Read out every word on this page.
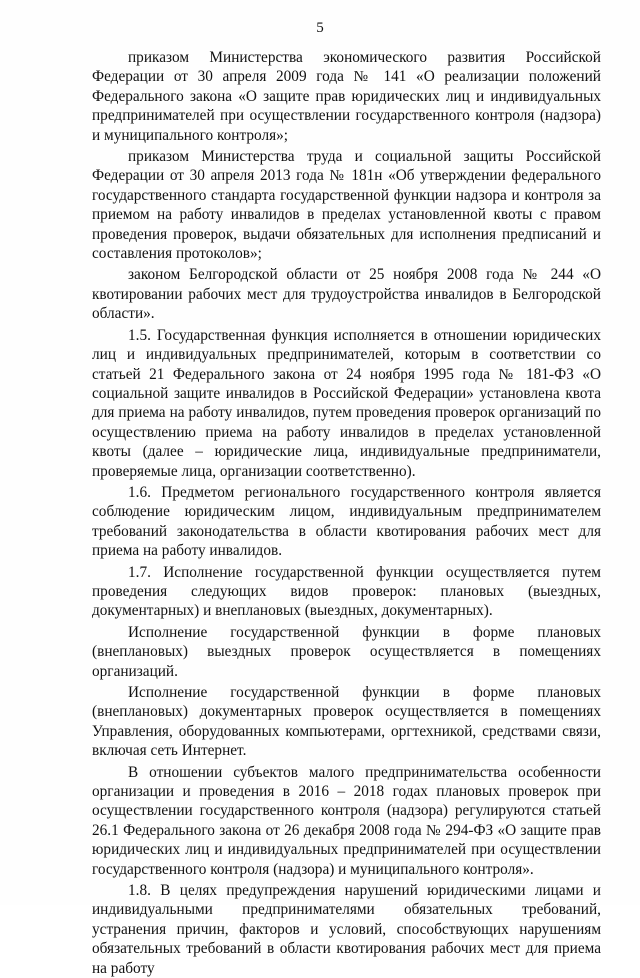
5

приказом Министерства экономического развития Российской Федерации от 30 апреля 2009 года № 141 «О реализации положений Федерального закона «О защите прав юридических лиц и индивидуальных предпринимателей при осуществлении государственного контроля (надзора) и муниципального контроля»;

приказом Министерства труда и социальной защиты Российской Федерации от 30 апреля 2013 года № 181н «Об утверждении федерального государственного стандарта государственной функции надзора и контроля за приемом на работу инвалидов в пределах установленной квоты с правом проведения проверок, выдачи обязательных для исполнения предписаний и составления протоколов»;

законом Белгородской области от 25 ноября 2008 года № 244 «О квотировании рабочих мест для трудоустройства инвалидов в Белгородской области».

1.5. Государственная функция исполняется в отношении юридических лиц и индивидуальных предпринимателей, которым в соответствии со статьей 21 Федерального закона от 24 ноября 1995 года № 181-ФЗ «О социальной защите инвалидов в Российской Федерации» установлена квота для приема на работу инвалидов, путем проведения проверок организаций по осуществлению приема на работу инвалидов в пределах установленной квоты (далее – юридические лица, индивидуальные предприниматели, проверяемые лица, организации соответственно).

1.6. Предметом регионального государственного контроля является соблюдение юридическим лицом, индивидуальным предпринимателем требований законодательства в области квотирования рабочих мест для приема на работу инвалидов.

1.7. Исполнение государственной функции осуществляется путем проведения следующих видов проверок: плановых (выездных, документарных) и внеплановых (выездных, документарных).

Исполнение государственной функции в форме плановых (внеплановых) выездных проверок осуществляется в помещениях организаций.

Исполнение государственной функции в форме плановых (внеплановых) документарных проверок осуществляется в помещениях Управления, оборудованных компьютерами, оргтехникой, средствами связи, включая сеть Интернет.

В отношении субъектов малого предпринимательства особенности организации и проведения в 2016 – 2018 годах плановых проверок при осуществлении государственного контроля (надзора) регулируются статьей 26.1 Федерального закона от 26 декабря 2008 года № 294-ФЗ «О защите прав юридических лиц и индивидуальных предпринимателей при осуществлении государственного контроля (надзора) и муниципального контроля».

1.8. В целях предупреждения нарушений юридическими лицами и индивидуальными предпринимателями обязательных требований, устранения причин, факторов и условий, способствующих нарушениям обязательных требований в области квотирования рабочих мест для приема на работу
